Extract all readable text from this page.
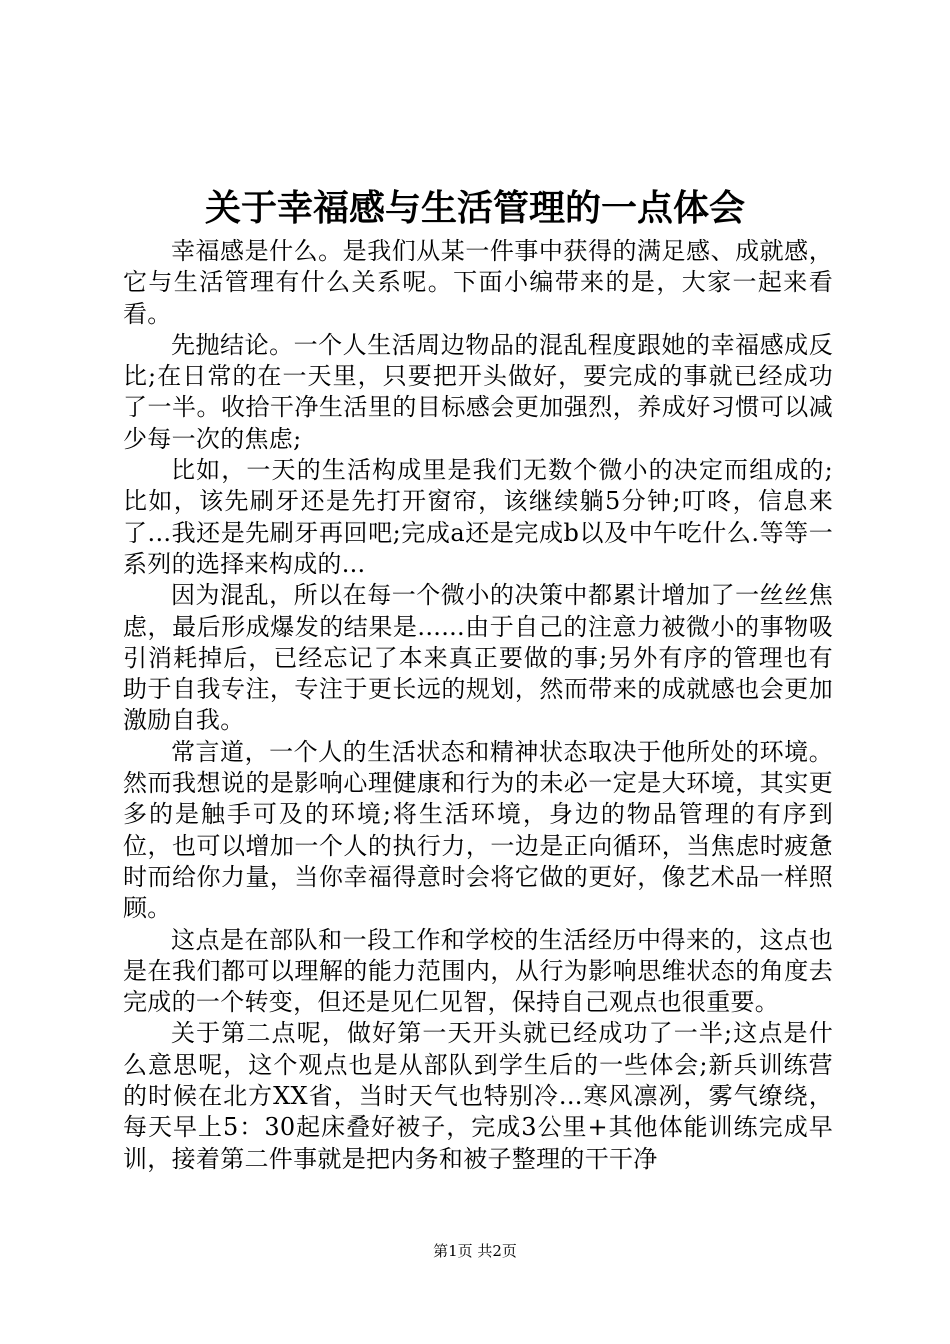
关于幸福感与生活管理的一点体会

幸福感是什么。是我们从某一件事中获得的满足感、成就感，它与生活管理有什么关系呢。下面小编带来的是，大家一起来看看。

先抛结论。一个人生活周边物品的混乱程度跟她的幸福感成反比;在日常的在一天里，只要把开头做好，要完成的事就已经成功了一半。收拾干净生活里的目标感会更加强烈，养成好习惯可以减少每一次的焦虑;

比如，一天的生活构成里是我们无数个微小的决定而组成的;比如，该先刷牙还是先打开窗帘，该继续躺5分钟;叮咚，信息来了...我还是先刷牙再回吧;完成a还是完成b以及中午吃什么.等等一系列的选择来构成的...

因为混乱，所以在每一个微小的决策中都累计增加了一丝丝焦虑，最后形成爆发的结果是......由于自己的注意力被微小的事物吸引消耗掉后，已经忘记了本来真正要做的事;另外有序的管理也有助于自我专注，专注于更长远的规划，然而带来的成就感也会更加激励自我。

常言道，一个人的生活状态和精神状态取决于他所处的环境。然而我想说的是影响心理健康和行为的未必一定是大环境，其实更多的是触手可及的环境;将生活环境，身边的物品管理的有序到位，也可以增加一个人的执行力，一边是正向循环，当焦虑时疲惫时而给你力量，当你幸福得意时会将它做的更好，像艺术品一样照顾。

这点是在部队和一段工作和学校的生活经历中得来的，这点也是在我们都可以理解的能力范围内，从行为影响思维状态的角度去完成的一个转变，但还是见仁见智，保持自己观点也很重要。

关于第二点呢，做好第一天开头就已经成功了一半;这点是什么意思呢，这个观点也是从部队到学生后的一些体会;新兵训练营的时候在北方XX省，当时天气也特别冷...寒风凛冽，雾气缭绕，每天早上5：30起床叠好被子，完成3公里+其他体能训练完成早训，接着第二件事就是把内务和被子整理的干干净

第1页 共2页
